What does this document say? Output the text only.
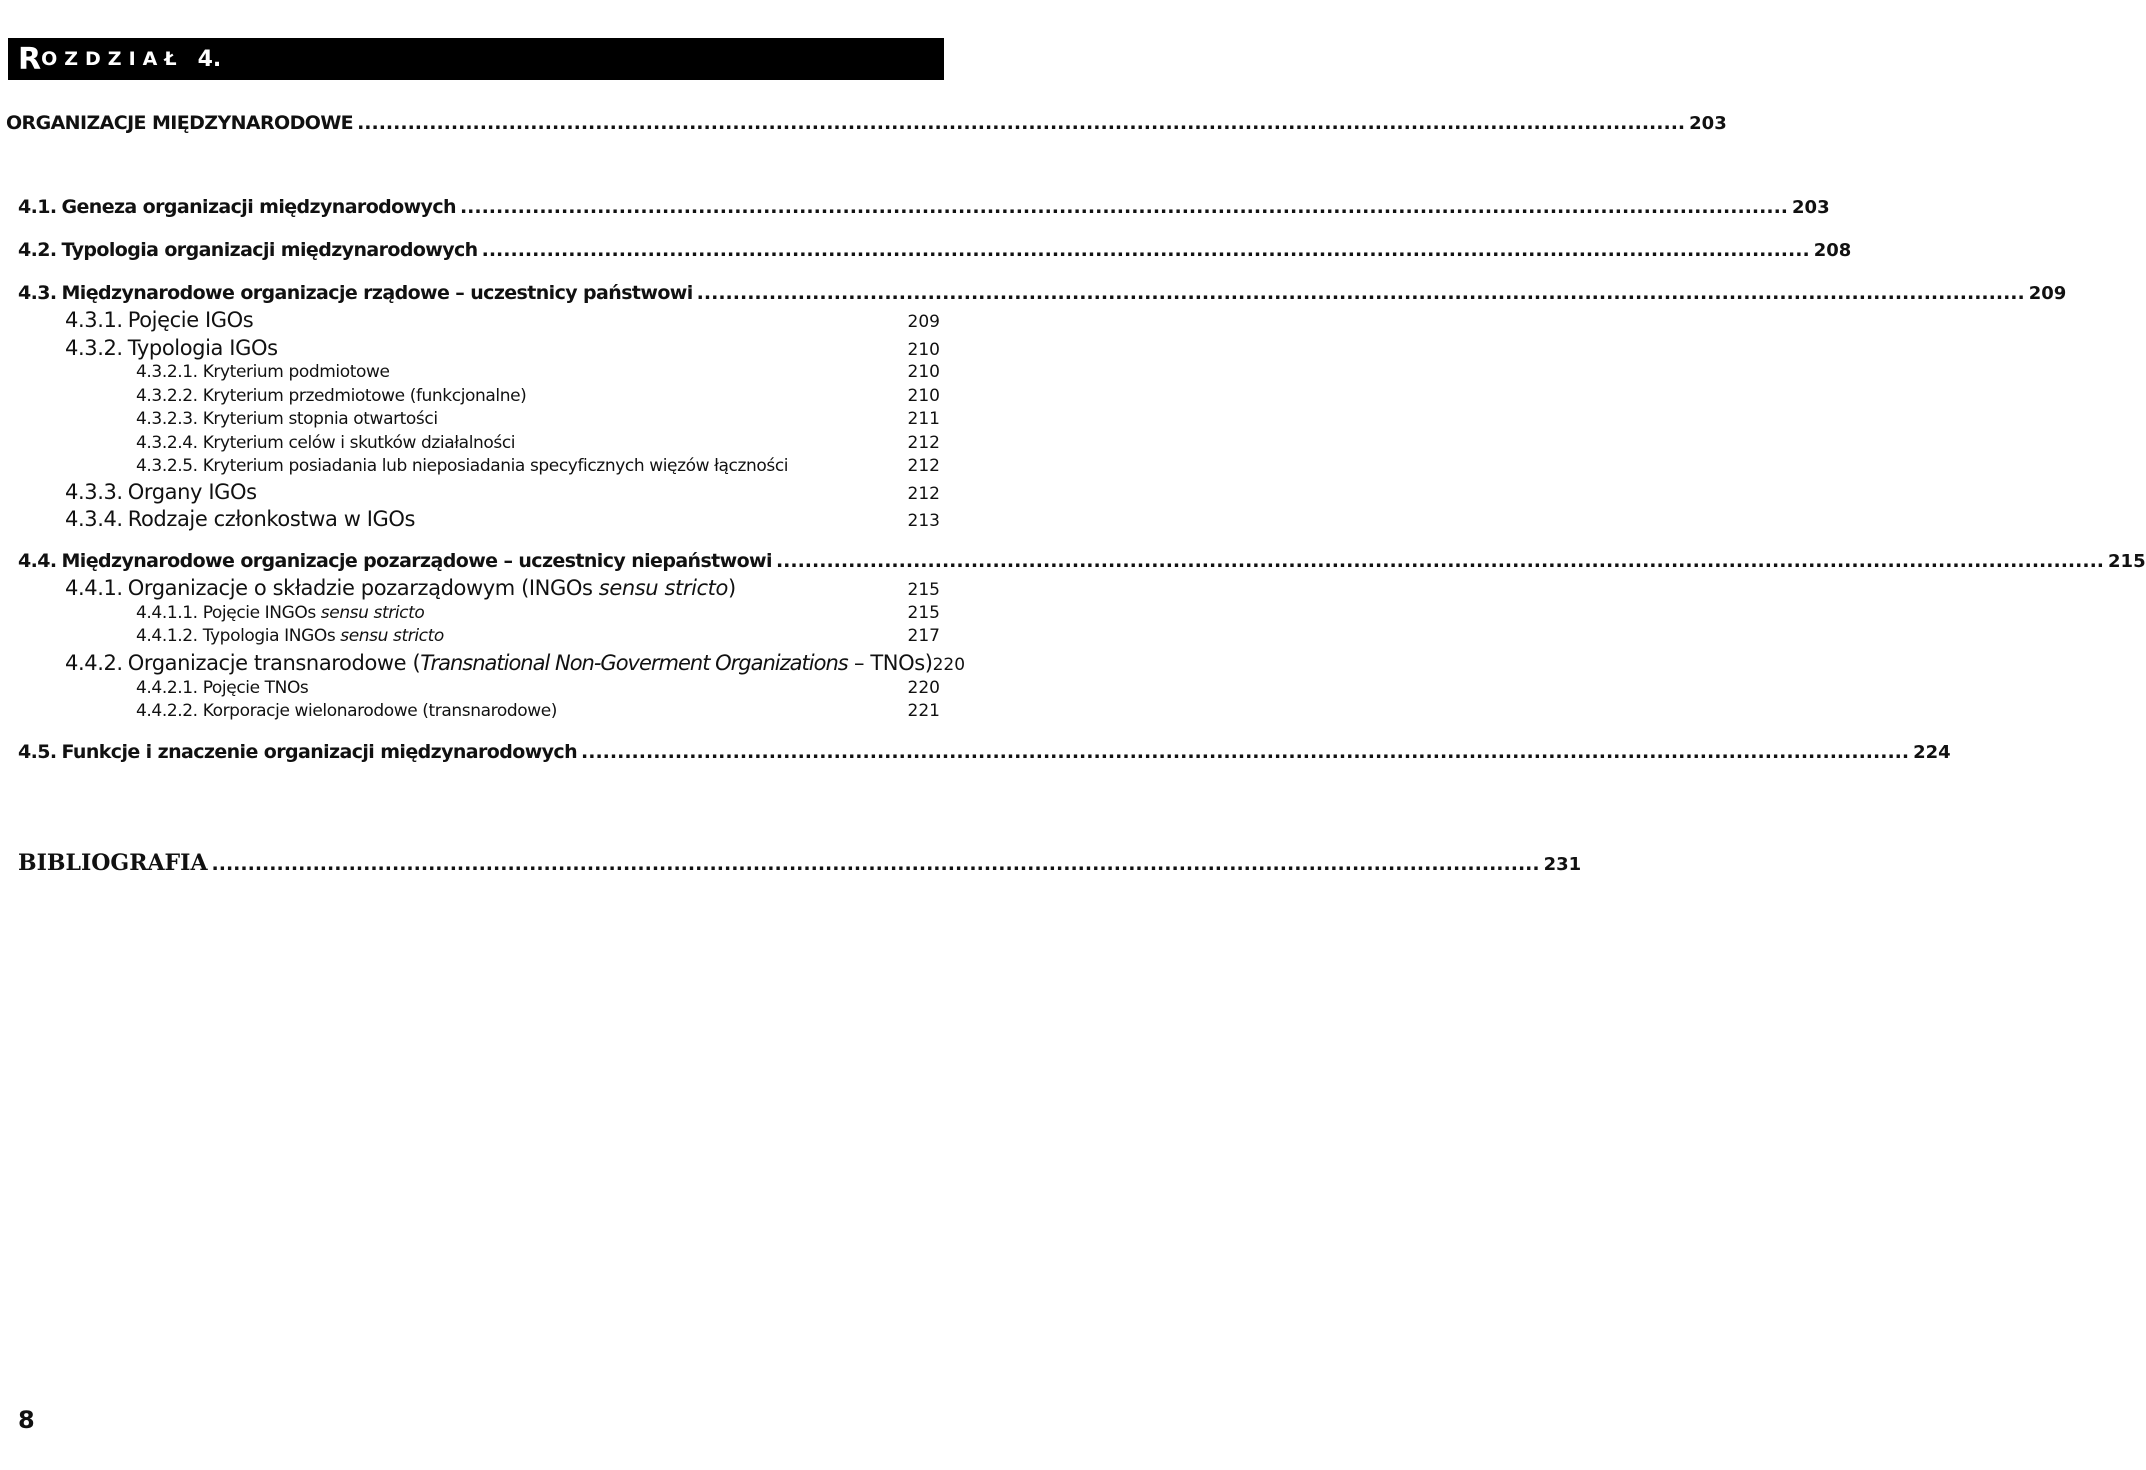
R OZDZIAŁ 4.
ORGANIZACJE MIĘDZYNARODOWE ........................................................................................................................................................................................ 203
4.1. Geneza organizacji międzynarodowych ........................................................................................................................................................................................ 203
4.2. Typologia organizacji międzynarodowych ........................................................................................................................................................................................ 208
4.3. Międzynarodowe organizacje rządowe – uczestnicy państwowi ........................................................................................................................................................................................ 209
4.3.1. Pojęcie IGOs	209
4.3.2. Typologia IGOs	210
4.3.2.1. Kryterium podmiotowe	210
4.3.2.2. Kryterium przedmiotowe (funkcjonalne)	210
4.3.2.3. Kryterium stopnia otwartości	211
4.3.2.4. Kryterium celów i skutków działalności	212
4.3.2.5. Kryterium posiadania lub nieposiadania specyficznych więzów łączności	212
4.3.3. Organy IGOs	212
4.3.4. Rodzaje członkostwa w IGOs	213
4.4. Międzynarodowe organizacje pozarządowe – uczestnicy niepaństwowi ........................................................................................................................................................................................ 215
4.4.1. Organizacje o składzie pozarządowym (INGOs sensu stricto)	215
4.4.1.1. Pojęcie INGOs sensu stricto	215
4.4.1.2. Typologia INGOs sensu stricto	217
4.4.2. Organizacje transnarodowe (Transnational Non-Goverment Organizations – TNOs) 220
4.4.2.1. Pojęcie TNOs	220
4.4.2.2. Korporacje wielonarodowe (transnarodowe)	221
4.5. Funkcje i znaczenie organizacji międzynarodowych ........................................................................................................................................................................................ 224
BIBLIOGRAFIA ........................................................................................................................................................................................ 231
8
